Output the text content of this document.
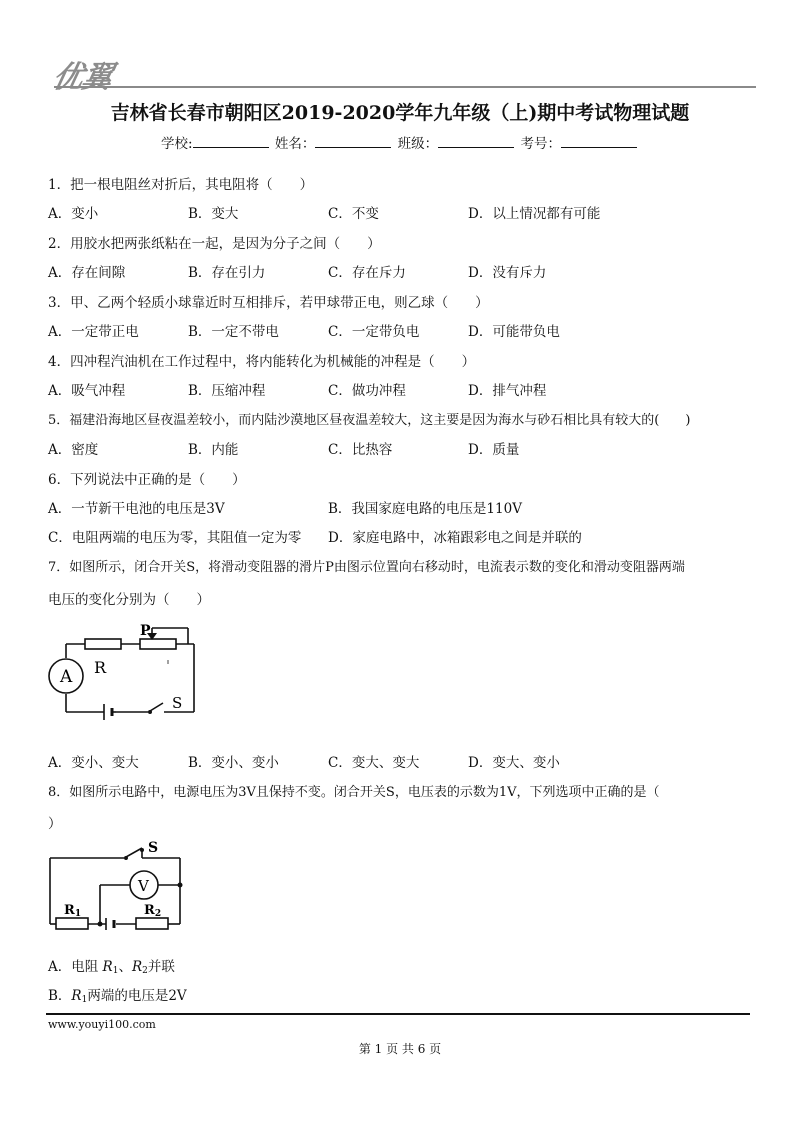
优翼
吉林省长春市朝阳区2019-2020学年九年级（上)期中考试物理试题
学校:	姓名：	班级：	考号：
1．把一根电阻丝对折后，其电阻将（　　）
A．变小	B．变大	C．不变	D．以上情况都有可能
2．用胶水把两张纸粘在一起，是因为分子之间（　　）
A．存在间隙	B．存在引力	C．存在斥力	D．没有斥力
3．甲、乙两个轻质小球靠近时互相排斥，若甲球带正电，则乙球（　　）
A．一定带正电	B．一定不带电	C．一定带负电	D．可能带负电
4．四冲程汽油机在工作过程中，将内能转化为机械能的冲程是（　　）
A．吸气冲程	B．压缩冲程	C．做功冲程	D．排气冲程
5．福建沿海地区昼夜温差较小，而内陆沙漠地区昼夜温差较大，这主要是因为海水与砂石相比具有较大的(　　)
A．密度	B．内能	C．比热容	D．质量
6．下列说法中正确的是（　　）
A．一节新干电池的电压是3V	B．我国家庭电路的电压是110V
C．电阻两端的电压为零，其阻值一定为零 D．家庭电路中，冰箱跟彩电之间是并联的
7．如图所示，闭合开关S，将滑动变阻器的滑片P由图示位置向右移动时，电流表示数的变化和滑动变阻器两端
电压的变化分别为（　　）
P
R
A
S
A．变小、变大	B．变小、变小	C．变大、变大	D．变大、变小
8．如图所示电路中，电源电压为3V且保持不变。闭合开关S，电压表的示数为1V，下列选项中正确的是（
）
S
V
R1	R2
A．电阻 $R_1$、$R_2$并联
B．$R_1$两端的电压是2V
www.youyi100.com
第 1 页 共 6 页
